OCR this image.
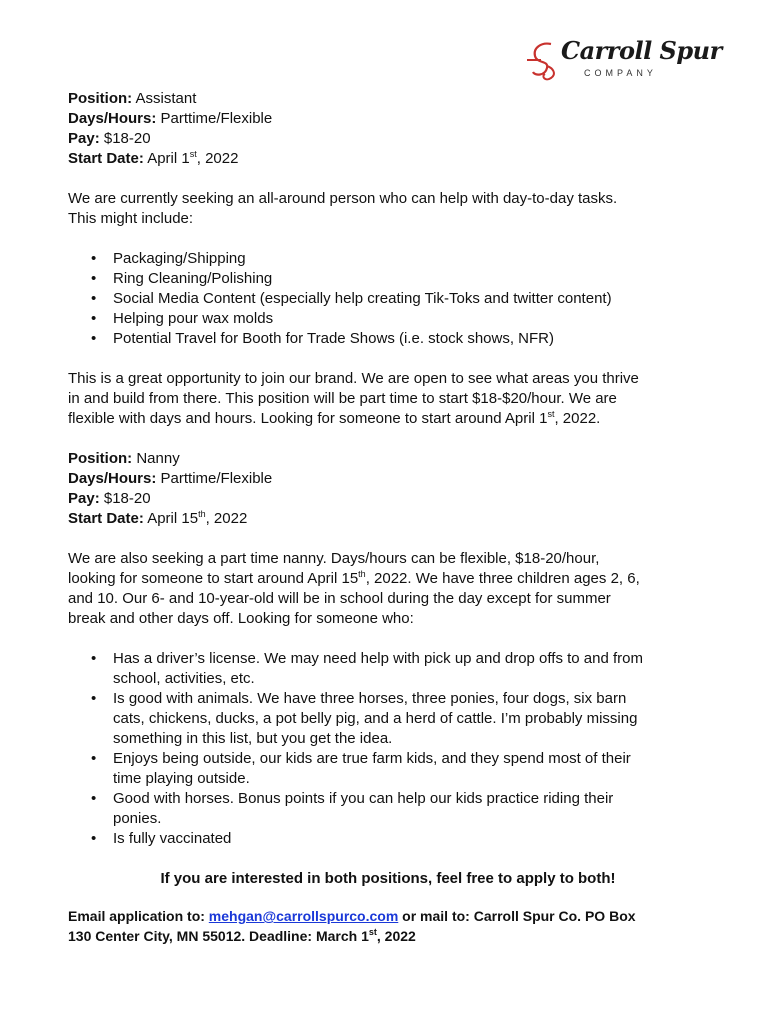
Carroll Spur
COMPANY
Position: Assistant
Days/Hours: Parttime/Flexible
Pay: $18-20
Start Date: April 1st, 2022

We are currently seeking an all-around person who can help with day-to-day tasks.

This might include:

• Packaging/Shipping
• Ring Cleaning/Polishing
• Social Media Content (especially help creating Tik-Toks and twitter content)
• Helping pour wax molds
• Potential Travel for Booth for Trade Shows (i.e. stock shows, NFR)

This is a great opportunity to join our brand. We are open to see what areas you thrive

in and build from there. This position will be part time to start $18-$20/hour. We are

flexible with days and hours. Looking for someone to start around April 1st, 2022.

Position: Nanny
Days/Hours: Parttime/Flexible
Pay: $18-20
Start Date: April 15th, 2022

We are also seeking a part time nanny. Days/hours can be flexible, $18-20/hour,

looking for someone to start around April 15th, 2022. We have three children ages 2, 6,

and 10. Our 6- and 10-year-old will be in school during the day except for summer

break and other days off. Looking for someone who:

• Has a driver’s license. We may need help with pick up and drop offs to and from
school, activities, etc.
• Is good with animals. We have three horses, three ponies, four dogs, six barn
cats, chickens, ducks, a pot belly pig, and a herd of cattle. I’m probably missing
something in this list, but you get the idea.
• Enjoys being outside, our kids are true farm kids, and they spend most of their
time playing outside.
• Good with horses. Bonus points if you can help our kids practice riding their
ponies.
• Is fully vaccinated

If you are interested in both positions, feel free to apply to both!

Email application to: mehgan@carrollspurco.com or mail to: Carroll Spur Co. PO Box
130 Center City, MN 55012. Deadline: March 1st, 2022
